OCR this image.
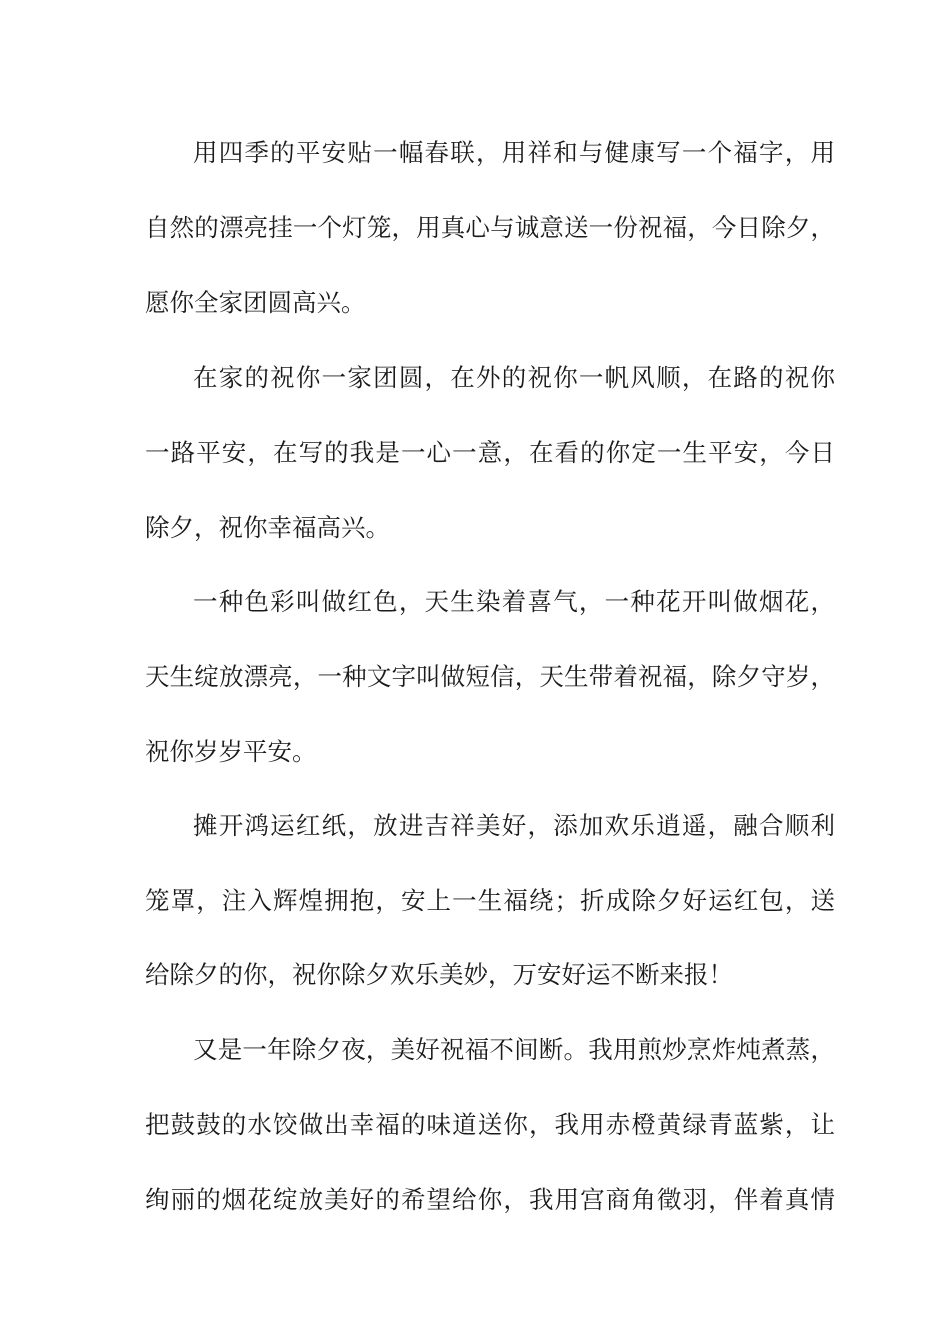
用四季的平安贴一幅春联，用祥和与健康写一个福字，用
自然的漂亮挂一个灯笼，用真心与诚意送一份祝福，今日除夕，
愿你全家团圆高兴。
在家的祝你一家团圆，在外的祝你一帆风顺，在路的祝你
一路平安，在写的我是一心一意，在看的你定一生平安，今日
除夕，祝你幸福高兴。
一种色彩叫做红色，天生染着喜气，一种花开叫做烟花，
天生绽放漂亮，一种文字叫做短信，天生带着祝福，除夕守岁，
祝你岁岁平安。
摊开鸿运红纸，放进吉祥美好，添加欢乐逍遥，融合顺利
笼罩，注入辉煌拥抱，安上一生福绕；折成除夕好运红包，送
给除夕的你，祝你除夕欢乐美妙，万安好运不断来报！
又是一年除夕夜，美好祝福不间断。我用煎炒烹炸炖煮蒸，
把鼓鼓的水饺做出幸福的味道送你，我用赤橙黄绿青蓝紫，让
绚丽的烟花绽放美好的希望给你，我用宫商角徵羽，伴着真情
